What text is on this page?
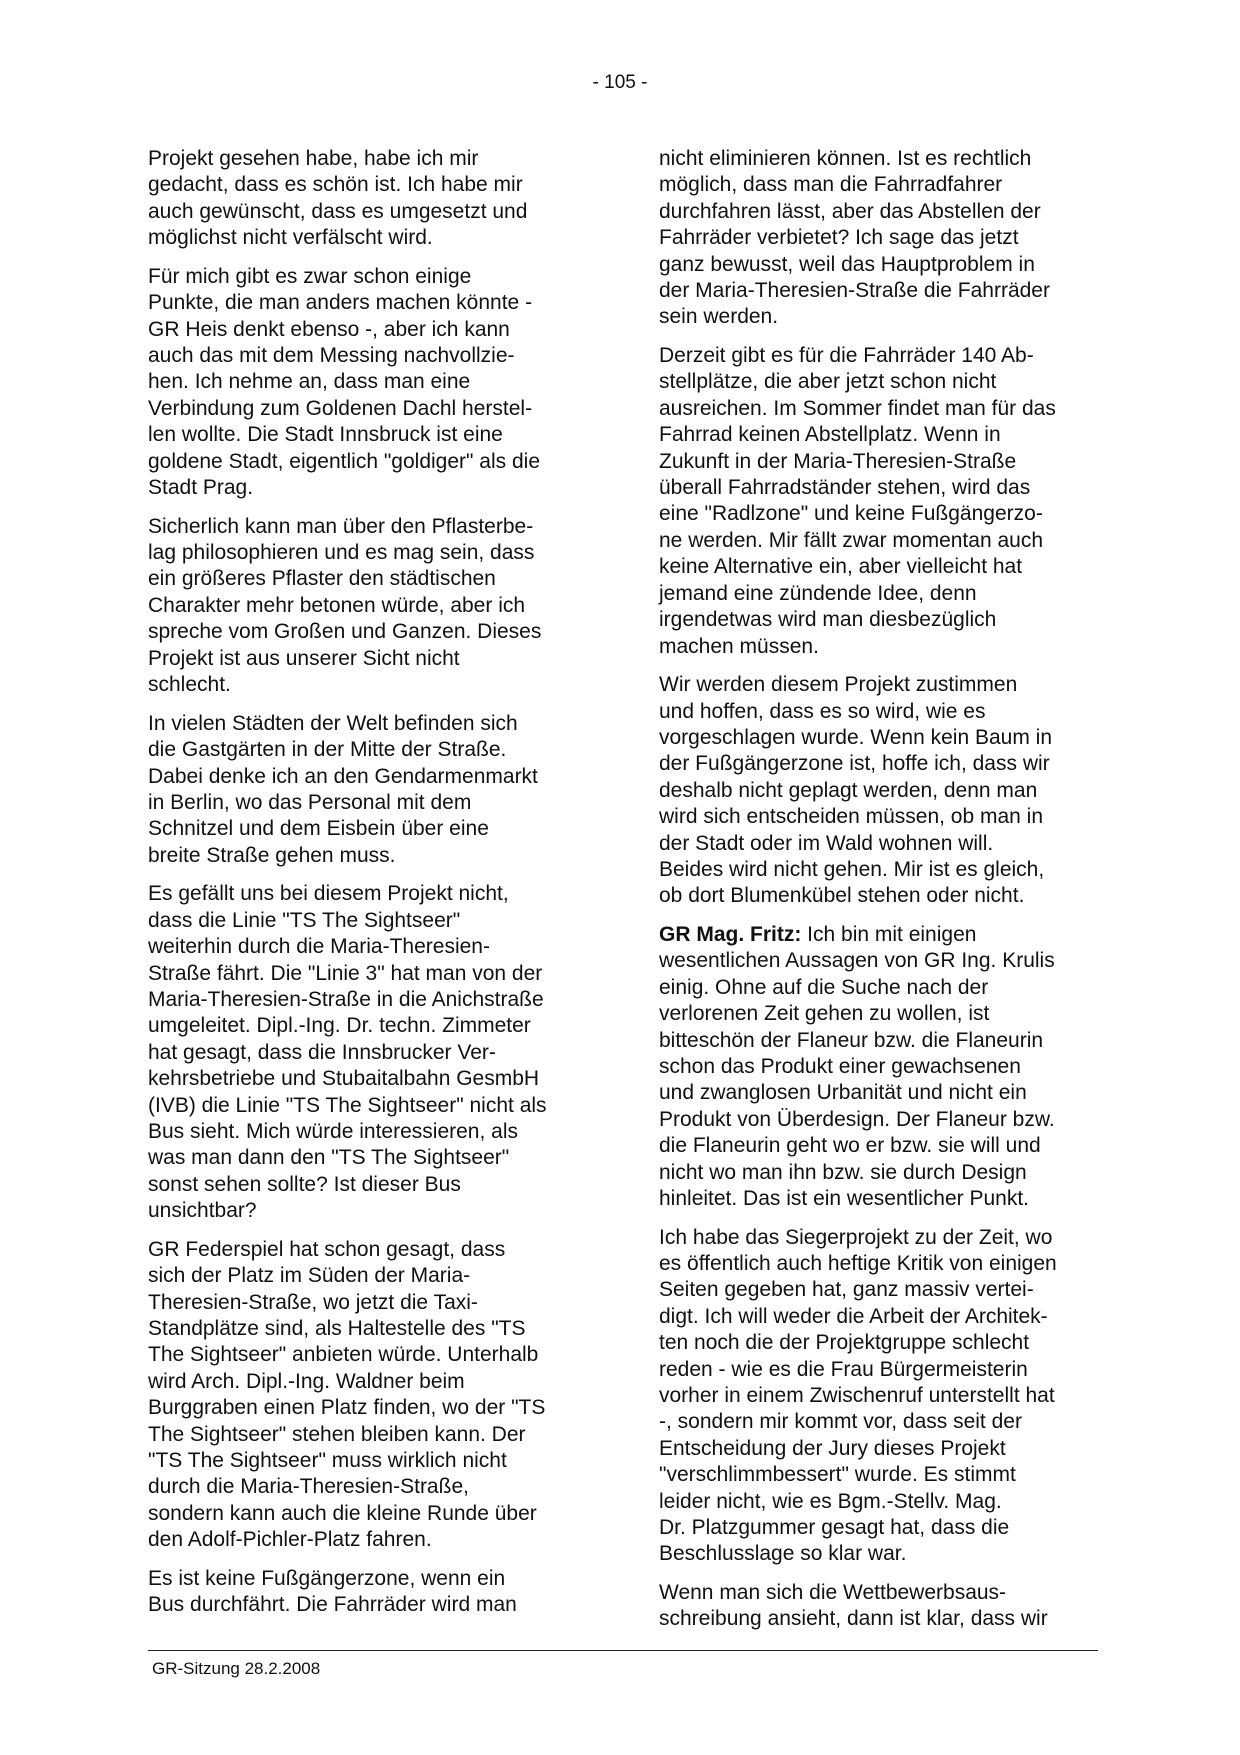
- 105 -

Projekt gesehen habe, habe ich mir
gedacht, dass es schön ist. Ich habe mir
auch gewünscht, dass es umgesetzt und
möglichst nicht verfälscht wird.

Für mich gibt es zwar schon einige
Punkte, die man anders machen könnte -
GR Heis denkt ebenso -, aber ich kann
auch das mit dem Messing nachvollzie-
hen. Ich nehme an, dass man eine
Verbindung zum Goldenen Dachl herstel-
len wollte. Die Stadt Innsbruck ist eine
goldene Stadt, eigentlich "goldiger" als die
Stadt Prag.

Sicherlich kann man über den Pflasterbe-
lag philosophieren und es mag sein, dass
ein größeres Pflaster den städtischen
Charakter mehr betonen würde, aber ich
spreche vom Großen und Ganzen. Dieses
Projekt ist aus unserer Sicht nicht
schlecht.

In vielen Städten der Welt befinden sich
die Gastgärten in der Mitte der Straße.
Dabei denke ich an den Gendarmenmarkt
in Berlin, wo das Personal mit dem
Schnitzel und dem Eisbein über eine
breite Straße gehen muss.

Es gefällt uns bei diesem Projekt nicht,
dass die Linie "TS The Sightseer"
weiterhin durch die Maria-Theresien-
Straße fährt. Die "Linie 3" hat man von der
Maria-Theresien-Straße in die Anichstraße
umgeleitet. Dipl.-Ing. Dr. techn. Zimmeter
hat gesagt, dass die Innsbrucker Ver-
kehrsbetriebe und Stubaitalbahn GesmbH
(IVB) die Linie "TS The Sightseer" nicht als
Bus sieht. Mich würde interessieren, als
was man dann den "TS The Sightseer"
sonst sehen sollte? Ist dieser Bus
unsichtbar?

GR Federspiel hat schon gesagt, dass
sich der Platz im Süden der Maria-
Theresien-Straße, wo jetzt die Taxi-
Standplätze sind, als Haltestelle des "TS
The Sightseer" anbieten würde. Unterhalb
wird Arch. Dipl.-Ing. Waldner beim
Burggraben einen Platz finden, wo der "TS
The Sightseer" stehen bleiben kann. Der
"TS The Sightseer" muss wirklich nicht
durch die Maria-Theresien-Straße,
sondern kann auch die kleine Runde über
den Adolf-Pichler-Platz fahren.

Es ist keine Fußgängerzone, wenn ein
Bus durchfährt. Die Fahrräder wird man

nicht eliminieren können. Ist es rechtlich
möglich, dass man die Fahrradfahrer
durchfahren lässt, aber das Abstellen der
Fahrräder verbietet? Ich sage das jetzt
ganz bewusst, weil das Hauptproblem in
der Maria-Theresien-Straße die Fahrräder
sein werden.

Derzeit gibt es für die Fahrräder 140 Ab-
stellplätze, die aber jetzt schon nicht
ausreichen. Im Sommer findet man für das
Fahrrad keinen Abstellplatz. Wenn in
Zukunft in der Maria-Theresien-Straße
überall Fahrradständer stehen, wird das
eine "Radlzone" und keine Fußgängerzo-
ne werden. Mir fällt zwar momentan auch
keine Alternative ein, aber vielleicht hat
jemand eine zündende Idee, denn
irgendetwas wird man diesbezüglich
machen müssen.

Wir werden diesem Projekt zustimmen
und hoffen, dass es so wird, wie es
vorgeschlagen wurde. Wenn kein Baum in
der Fußgängerzone ist, hoffe ich, dass wir
deshalb nicht geplagt werden, denn man
wird sich entscheiden müssen, ob man in
der Stadt oder im Wald wohnen will.
Beides wird nicht gehen. Mir ist es gleich,
ob dort Blumenkübel stehen oder nicht.

GR Mag. Fritz: Ich bin mit einigen
wesentlichen Aussagen von GR Ing. Krulis
einig. Ohne auf die Suche nach der
verlorenen Zeit gehen zu wollen, ist
bitteschön der Flaneur bzw. die Flaneurin
schon das Produkt einer gewachsenen
und zwanglosen Urbanität und nicht ein
Produkt von Überdesign. Der Flaneur bzw.
die Flaneurin geht wo er bzw. sie will und
nicht wo man ihn bzw. sie durch Design
hinleitet. Das ist ein wesentlicher Punkt.

Ich habe das Siegerprojekt zu der Zeit, wo
es öffentlich auch heftige Kritik von einigen
Seiten gegeben hat, ganz massiv vertei-
digt. Ich will weder die Arbeit der Architek-
ten noch die der Projektgruppe schlecht
reden - wie es die Frau Bürgermeisterin
vorher in einem Zwischenruf unterstellt hat
-, sondern mir kommt vor, dass seit der
Entscheidung der Jury dieses Projekt
"verschlimmbessert" wurde. Es stimmt
leider nicht, wie es Bgm.-Stellv. Mag.
Dr. Platzgummer gesagt hat, dass die
Beschlusslage so klar war.

Wenn man sich die Wettbewerbsaus-
schreibung ansieht, dann ist klar, dass wir

GR-Sitzung 28.2.2008
